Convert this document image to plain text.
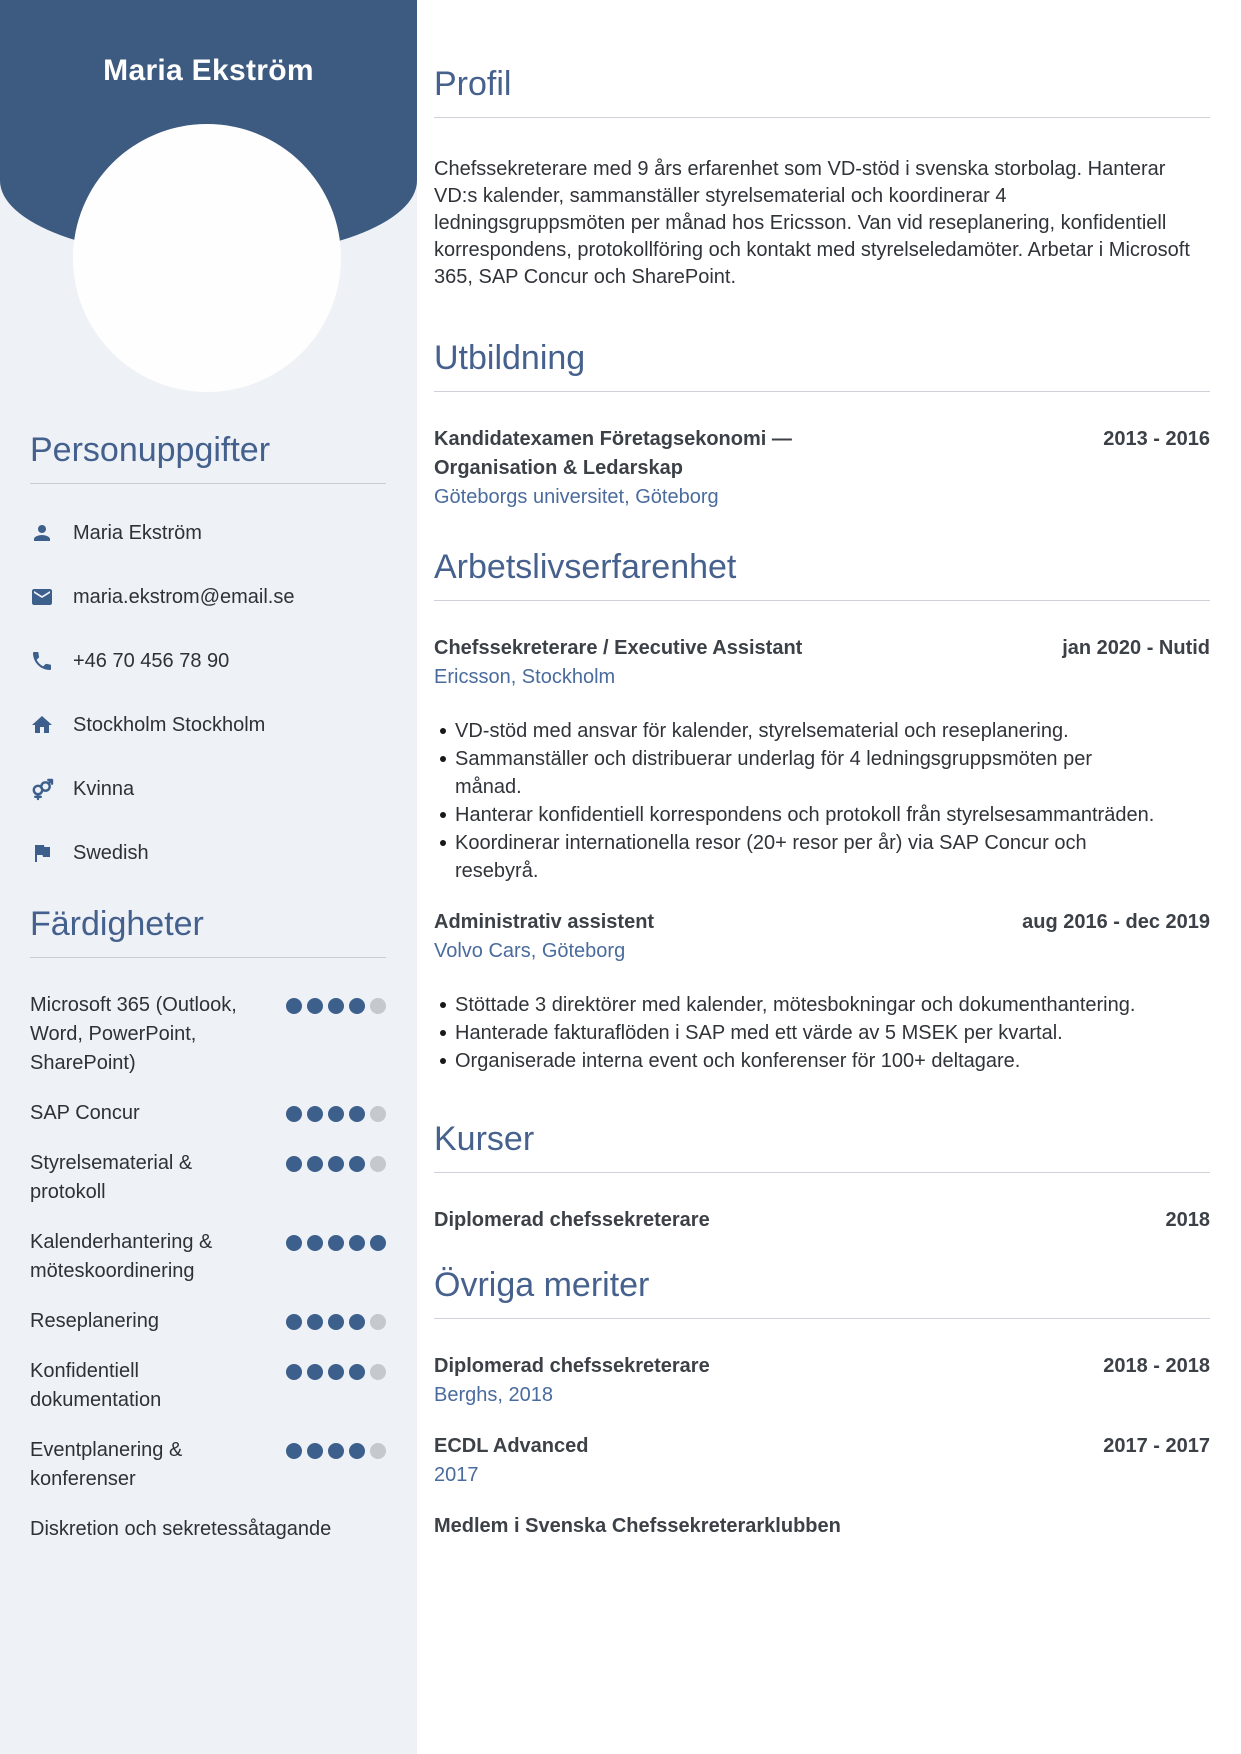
Maria Ekström
Personuppgifter
Maria Ekström
maria.ekstrom@email.se
+46 70 456 78 90
Stockholm Stockholm
Kvinna
Swedish
Färdigheter
Microsoft 365 (Outlook, Word, PowerPoint, SharePoint)
SAP Concur
Styrelsematerial & protokoll
Kalenderhantering & möteskoordinering
Reseplanering
Konfidentiell dokumentation
Eventplanering & konferenser
Diskretion och sekretessåtagande
Profil

Chefssekreterare med 9 års erfarenhet som VD-stöd i svenska storbolag. Hanterar VD:s kalender, sammanställer styrelsematerial och koordinerar 4 ledningsgruppsmöten per månad hos Ericsson. Van vid reseplanering, konfidentiell korrespondens, protokollföring och kontakt med styrelseledamöter. Arbetar i Microsoft 365, SAP Concur och SharePoint.

Utbildning
Kandidatexamen Företagsekonomi — Organisation & Ledarskap
2013 - 2016
Göteborgs universitet, Göteborg
Arbetslivserfarenhet
Chefssekreterare / Executive Assistant	jan 2020 - Nutid
Ericsson, Stockholm
VD-stöd med ansvar för kalender, styrelsematerial och reseplanering.
Sammanställer och distribuerar underlag för 4 ledningsgruppsmöten per månad.
Hanterar konfidentiell korrespondens och protokoll från styrelsesammanträden.
Koordinerar internationella resor (20+ resor per år) via SAP Concur och resebyrå.
Administrativ assistent	aug 2016 - dec 2019
Volvo Cars, Göteborg
Stöttade 3 direktörer med kalender, mötesbokningar och dokumenthantering.
Hanterade fakturaflöden i SAP med ett värde av 5 MSEK per kvartal.
Organiserade interna event och konferenser för 100+ deltagare.
Kurser
Diplomerad chefssekreterare	2018
Övriga meriter
Diplomerad chefssekreterare	2018 - 2018
Berghs, 2018
ECDL Advanced	2017 - 2017
2017
Medlem i Svenska Chefssekreterarklubben
